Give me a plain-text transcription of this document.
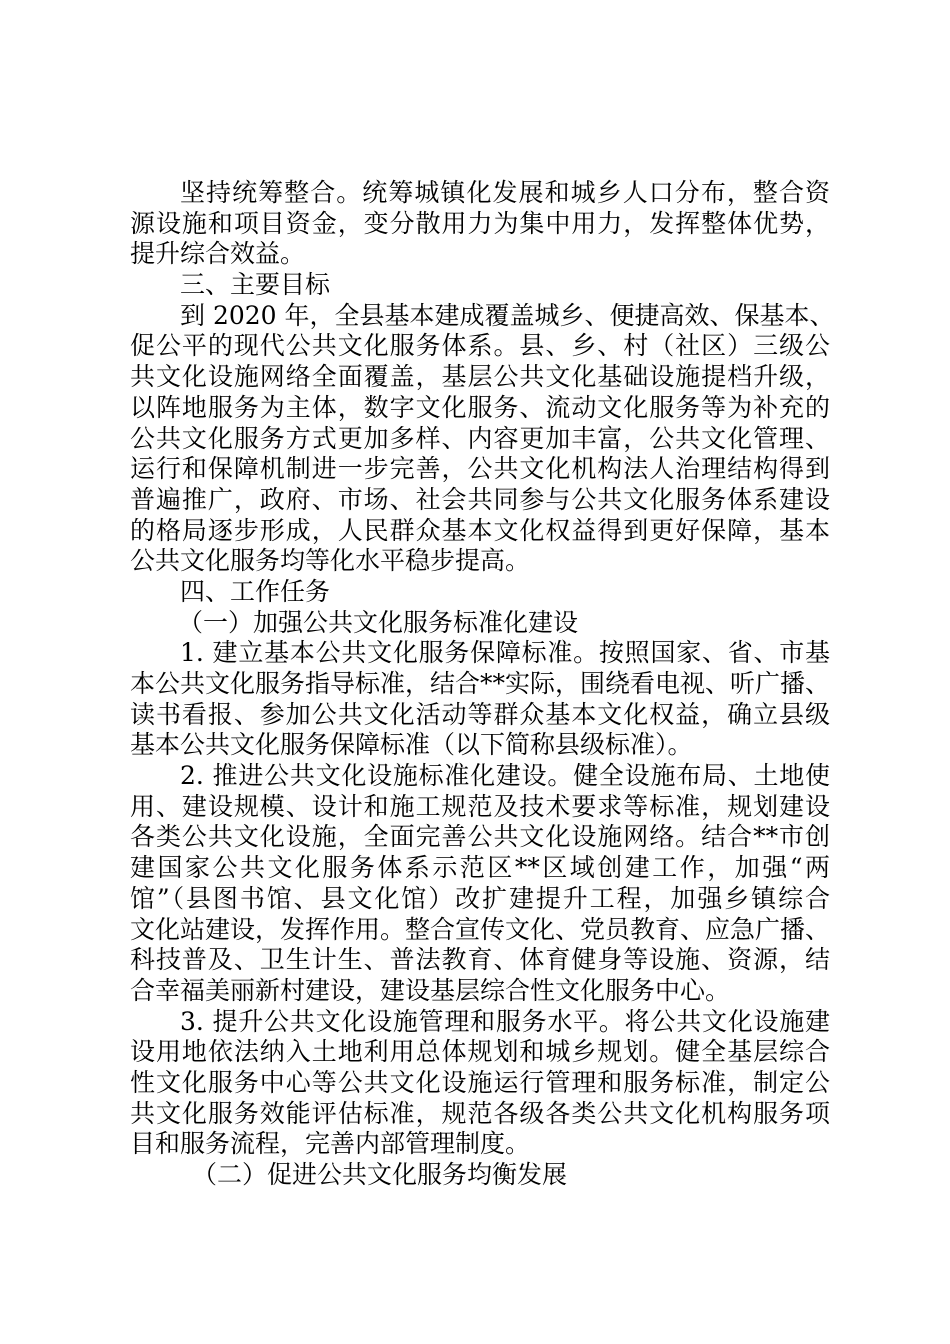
坚持统筹整合。统筹城镇化发展和城乡人口分布，整合资
源设施和项目资金，变分散用力为集中用力，发挥整体优势，
提升综合效益。
三、主要目标
到 2020 年，全县基本建成覆盖城乡、便捷高效、保基本、
促公平的现代公共文化服务体系。县、乡、村（社区）三级公
共文化设施网络全面覆盖，基层公共文化基础设施提档升级，
以阵地服务为主体，数字文化服务、流动文化服务等为补充的
公共文化服务方式更加多样、内容更加丰富，公共文化管理、
运行和保障机制进一步完善，公共文化机构法人治理结构得到
普遍推广，政府、市场、社会共同参与公共文化服务体系建设
的格局逐步形成，人民群众基本文化权益得到更好保障，基本
公共文化服务均等化水平稳步提高。
四、工作任务
（一）加强公共文化服务标准化建设
1. 建立基本公共文化服务保障标准。按照国家、省、市基
本公共文化服务指导标准，结合**实际，围绕看电视、听广播、
读书看报、参加公共文化活动等群众基本文化权益，确立县级
基本公共文化服务保障标准（以下简称县级标准）。
2. 推进公共文化设施标准化建设。健全设施布局、土地使
用、建设规模、设计和施工规范及技术要求等标准，规划建设
各类公共文化设施，全面完善公共文化设施网络。结合**市创
建国家公共文化服务体系示范区**区域创建工作，加强“两
馆”（县图书馆、县文化馆）改扩建提升工程，加强乡镇综合
文化站建设，发挥作用。整合宣传文化、党员教育、应急广播、
科技普及、卫生计生、普法教育、体育健身等设施、资源，结
合幸福美丽新村建设，建设基层综合性文化服务中心。
3. 提升公共文化设施管理和服务水平。将公共文化设施建
设用地依法纳入土地利用总体规划和城乡规划。健全基层综合
性文化服务中心等公共文化设施运行管理和服务标准，制定公
共文化服务效能评估标准，规范各级各类公共文化机构服务项
目和服务流程，完善内部管理制度。
（二）促进公共文化服务均衡发展
